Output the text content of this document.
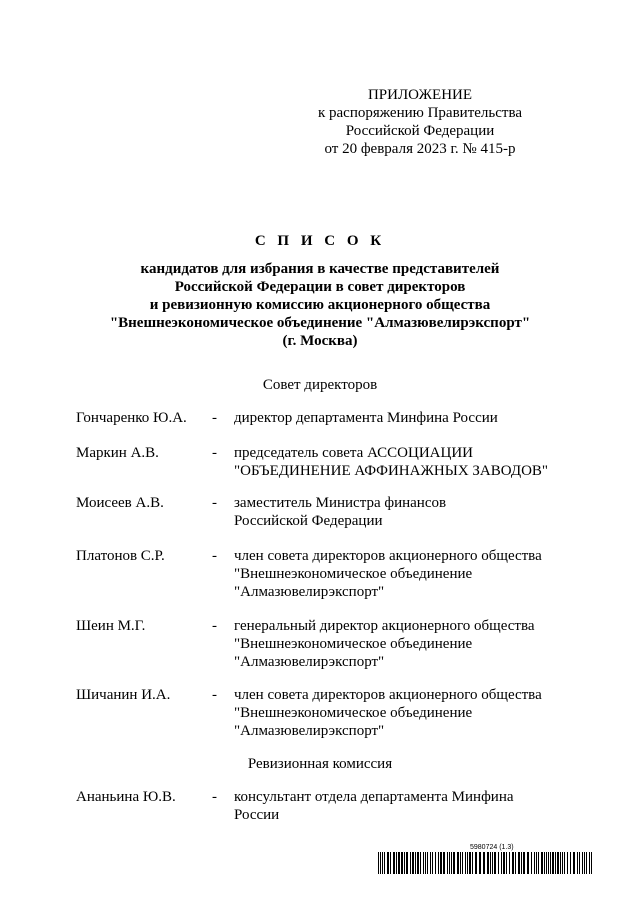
ПРИЛОЖЕНИЕ
к распоряжению Правительства
Российской Федерации
от 20 февраля 2023 г. № 415-р
С П И С О К
кандидатов для избрания в качестве представителей
Российской Федерации в совет директоров
и ревизионную комиссию акционерного общества
"Внешнеэкономическое объединение "Алмазювелирэкспорт"
(г. Москва)
Совет директоров
Гончаренко Ю.А.	-	директор департамента Минфина России
Маркин А.В.	-	председатель совета АССОЦИАЦИИ
"ОБЪЕДИНЕНИЕ АФФИНАЖНЫХ ЗАВОДОВ"
Моисеев А.В.	-	заместитель Министра финансов
Российской Федерации
Платонов С.Р.	-	член совета директоров акционерного общества
"Внешнеэкономическое объединение
"Алмазювелирэкспорт"
Шеин М.Г.	-	генеральный директор акционерного общества
"Внешнеэкономическое объединение
"Алмазювелирэкспорт"
Шичанин И.А.	-	член совета директоров акционерного общества
"Внешнеэкономическое объединение
"Алмазювелирэкспорт"
Ревизионная комиссия
Ананьина Ю.В.	-	консультант отдела департамента Минфина
России
5980724 (1.3)
